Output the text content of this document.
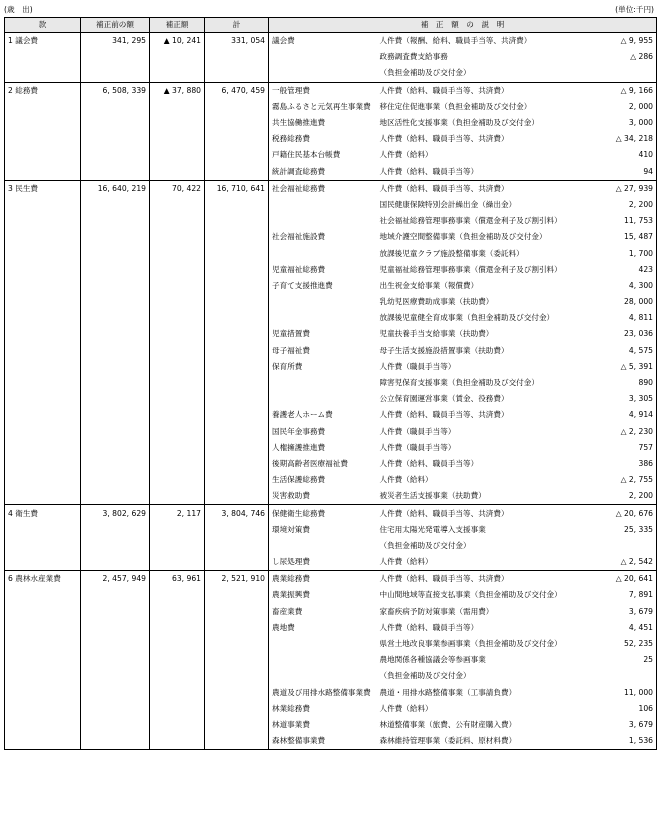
(歳　出)	(単位:千円)
款	補正前の額	補正額	計	補　正　額　の　説　明		
1 議会費	341, 295	▲ 10, 241	331, 054	議会費	人件費（報酬、給料、職員手当等、共済費）	△ 9, 955
					政務調査費支給事務	△ 286
					（負担金補助及び交付金）	
2 総務費	6, 508, 339	▲ 37, 880	6, 470, 459	一般管理費	人件費（給料、職員手当等、共済費）	△ 9, 166
				霧島ふるさと元気再生事業費	移住定住促進事業（負担金補助及び交付金）	2, 000
				共生協働推進費	地区活性化支援事業（負担金補助及び交付金）	3, 000
				税務総務費	人件費（給料、職員手当等、共済費）	△ 34, 218
				戸籍住民基本台帳費	人件費（給料）	410
				統計調査総務費	人件費（給料、職員手当等）	94
3 民生費	16, 640, 219	70, 422	16, 710, 641	社会福祉総務費	人件費（給料、職員手当等、共済費）	△ 27, 939
					国民健康保険特別会計繰出金（繰出金）	2, 200
					社会福祉総務管理事務事業（償還金利子及び割引料）	11, 753
				社会福祉施設費	地域介護空間整備事業（負担金補助及び交付金）	15, 487
					放課後児童クラブ施設整備事業（委託料）	1, 700
				児童福祉総務費	児童福祉総務管理事務事業（償還金利子及び割引料）	423
				子育て支援推進費	出生祝金支給事業（報償費）	4, 300
					乳幼児医療費助成事業（扶助費）	28, 000
					放課後児童健全育成事業（負担金補助及び交付金）	4, 811
				児童措置費	児童扶養手当支給事業（扶助費）	23, 036
				母子福祉費	母子生活支援施設措置事業（扶助費）	4, 575
				保育所費	人件費（職員手当等）	△ 5, 391
					障害児保育支援事業（負担金補助及び交付金）	890
					公立保育園運営事業（賃金、役務費）	3, 305
				養護老人ホーム費	人件費（給料、職員手当等、共済費）	4, 914
				国民年金事務費	人件費（職員手当等）	△ 2, 230
				人権擁護推進費	人件費（職員手当等）	757
				後期高齢者医療福祉費	人件費（給料、職員手当等）	386
				生活保護総務費	人件費（給料）	△ 2, 755
				災害救助費	被災者生活支援事業（扶助費）	2, 200
4 衛生費	3, 802, 629	2, 117	3, 804, 746	保健衛生総務費	人件費（給料、職員手当等、共済費）	△ 20, 676
				環境対策費	住宅用太陽光発電導入支援事業	25, 335
					（負担金補助及び交付金）	
				し尿処理費	人件費（給料）	△ 2, 542
6 農林水産業費	2, 457, 949	63, 961	2, 521, 910	農業総務費	人件費（給料、職員手当等、共済費）	△ 20, 641
				農業振興費	中山間地域等直接支払事業（負担金補助及び交付金）	7, 891
				畜産業費	家畜疾病予防対策事業（需用費）	3, 679
				農地費	人件費（給料、職員手当等）	4, 451
					県営土地改良事業参画事業（負担金補助及び交付金）	52, 235
					農地関係各種協議会等参画事業	25
					（負担金補助及び交付金）	
				農道及び用排水路整備事業費	農道・用排水路整備事業（工事請負費）	11, 000
				林業総務費	人件費（給料）	106
				林道事業費	林道整備事業（旅費、公有財産購入費）	3, 679
				森林整備事業費	森林維持管理事業（委託料、原材料費）	1, 536
